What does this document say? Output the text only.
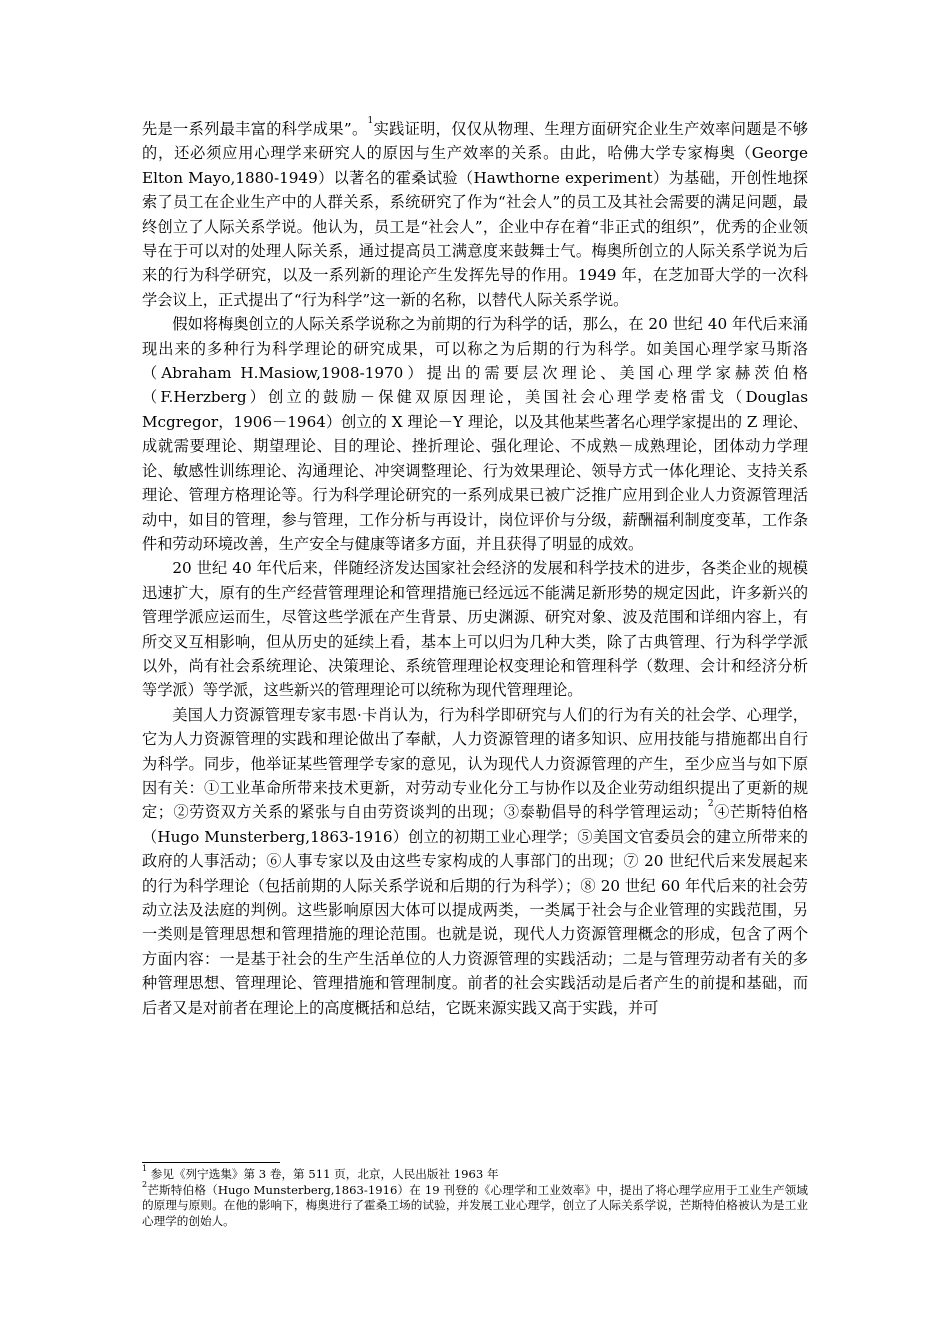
先是一系列最丰富的科学成果”。$^1$实践证明，仅仅从物理、生理方面研究企业生产效率问题是不够的，还必须应用心理学来研究人的原因与生产效率的关系。由此，哈佛大学专家梅奥（George Elton Mayo,1880-1949）以著名的霍桑试验（Hawthorne experiment）为基础，开创性地探索了员工在企业生产中的人群关系，系统研究了作为“社会人”的员工及其社会需要的满足问题，最终创立了人际关系学说。他认为，员工是“社会人”，企业中存在着“非正式的组织”，优秀的企业领导在于可以对的处理人际关系，通过提高员工满意度来鼓舞士气。梅奥所创立的人际关系学说为后来的行为科学研究，以及一系列新的理论产生发挥先导的作用。1949 年，在芝加哥大学的一次科学会议上，正式提出了“行为科学”这一新的名称，以替代人际关系学说。

假如将梅奥创立的人际关系学说称之为前期的行为科学的话，那么，在 20 世纪 40 年代后来涌现出来的多种行为科学理论的研究成果，可以称之为后期的行为科学。如美国心理学家马斯洛（Abraham H.Masiow,1908-1970）提出的需要层次理论、美国心理学家赫茨伯格（F.Herzberg）创立的鼓励－保健双原因理论，美国社会心理学麦格雷戈（Douglas Mcgregor，1906－1964）创立的 X 理论－Y 理论，以及其他某些著名心理学家提出的 Z 理论、成就需要理论、期望理论、目的理论、挫折理论、强化理论、不成熟－成熟理论，团体动力学理论、敏感性训练理论、沟通理论、冲突调整理论、行为效果理论、领导方式一体化理论、支持关系理论、管理方格理论等。行为科学理论研究的一系列成果已被广泛推广应用到企业人力资源管理活动中，如目的管理，参与管理，工作分析与再设计，岗位评价与分级，薪酬福利制度变革，工作条件和劳动环境改善，生产安全与健康等诸多方面，并且获得了明显的成效。

20 世纪 40 年代后来，伴随经济发达国家社会经济的发展和科学技术的进步，各类企业的规模迅速扩大，原有的生产经营管理理论和管理措施已经远远不能满足新形势的规定因此，许多新兴的管理学派应运而生，尽管这些学派在产生背景、历史渊源、研究对象、波及范围和详细内容上，有所交叉互相影响，但从历史的延续上看，基本上可以归为几种大类，除了古典管理、行为科学学派以外，尚有社会系统理论、决策理论、系统管理理论权变理论和管理科学（数理、会计和经济分析等学派）等学派，这些新兴的管理理论可以统称为现代管理理论。

美国人力资源管理专家韦恩·卡肖认为，行为科学即研究与人们的行为有关的社会学、心理学，它为人力资源管理的实践和理论做出了奉献，人力资源管理的诸多知识、应用技能与措施都出自行为科学。同步，他举证某些管理学专家的意见，认为现代人力资源管理的产生，至少应当与如下原因有关：①工业革命所带来技术更新，对劳动专业化分工与协作以及企业劳动组织提出了更新的规定；②劳资双方关系的紧张与自由劳资谈判的出现；③泰勒倡导的科学管理运动；$^2$④芒斯特伯格（Hugo Munsterberg,1863-1916）创立的初期工业心理学；⑤美国文官委员会的建立所带来的政府的人事活动；⑥人事专家以及由这些专家构成的人事部门的出现；⑦ 20 世纪代后来发展起来的行为科学理论（包括前期的人际关系学说和后期的行为科学）；⑧ 20 世纪 60 年代后来的社会劳动立法及法庭的判例。这些影响原因大体可以提成两类，一类属于社会与企业管理的实践范围，另一类则是管理思想和管理措施的理论范围。也就是说，现代人力资源管理概念的形成，包含了两个方面内容：一是基于社会的生产生活单位的人力资源管理的实践活动；二是与管理劳动者有关的多种管理思想、管理理论、管理措施和管理制度。前者的社会实践活动是后者产生的前提和基础，而后者又是对前者在理论上的高度概括和总结，它既来源实践又高于实践，并可

$^1$ 参见《列宁选集》第 3 卷，第 511 页，北京，人民出版社 1963 年

$^2$芒斯特伯格（Hugo Munsterberg,1863-1916）在 19 刊登的《心理学和工业效率》中，提出了将心理学应用于工业生产领域的原理与原则。在他的影响下，梅奥进行了霍桑工场的试验，并发展工业心理学，创立了人际关系学说，芒斯特伯格被认为是工业心理学的创始人。
